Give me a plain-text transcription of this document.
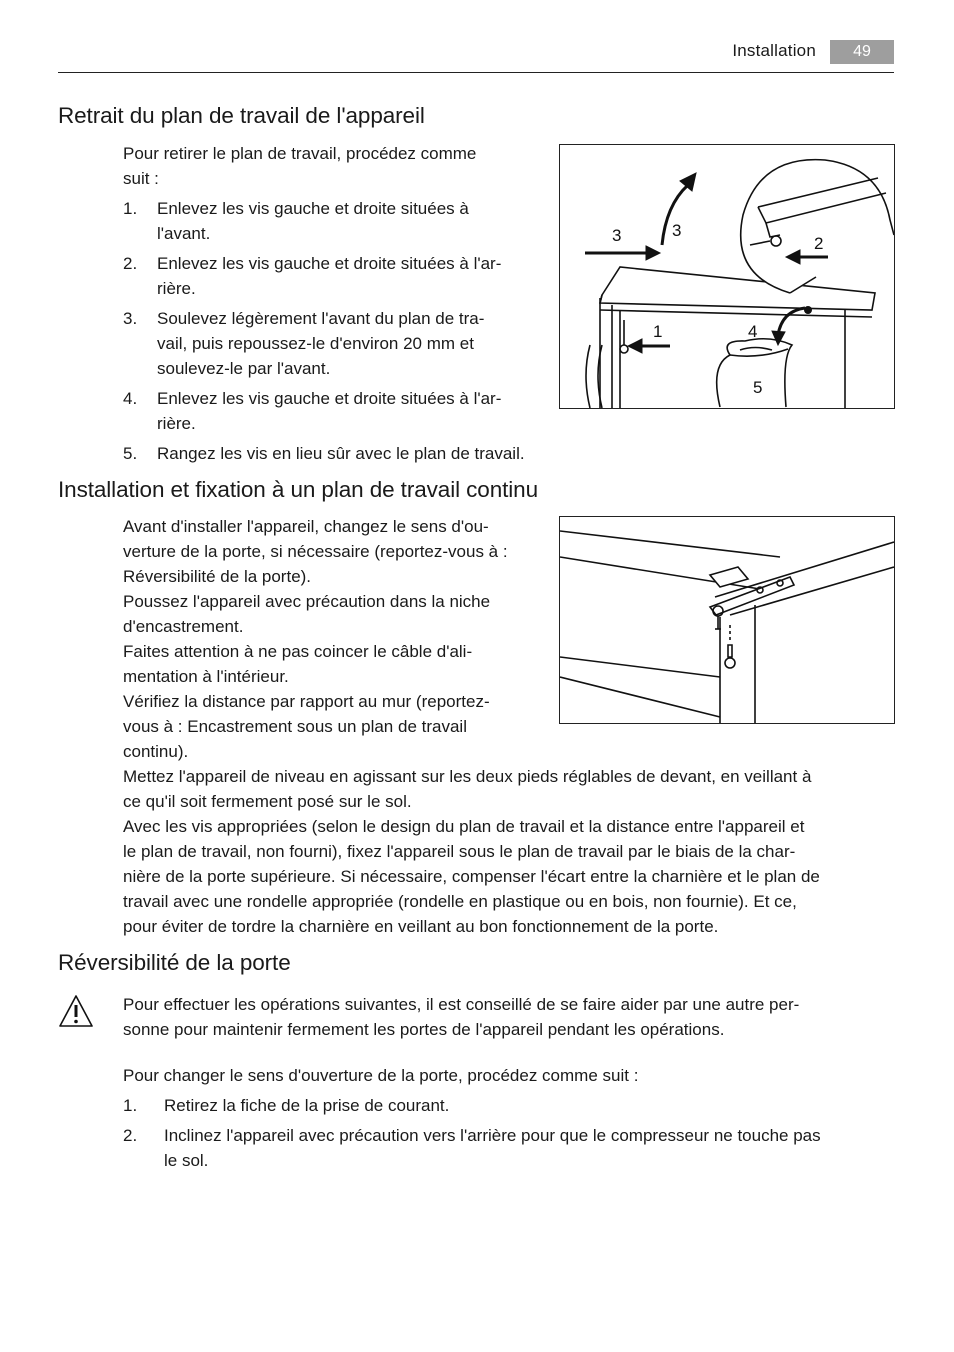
Installation	49
Retrait du plan de travail de l'appareil
Pour retirer le plan de travail, procédez comme
suit :
1. Enlevez les vis gauche et droite situées à
l'avant.
2. Enlevez les vis gauche et droite situées à l'ar-
rière.
3. Soulevez légèrement l'avant du plan de tra-
vail, puis repoussez-le d'environ 20 mm et
soulevez-le par l'avant.
4. Enlevez les vis gauche et droite situées à l'ar-
rière.
5. Rangez les vis en lieu sûr avec le plan de travail.
3	3
2
1	4
5
Installation et fixation à un plan de travail continu
Avant d'installer l'appareil, changez le sens d'ou-
verture de la porte, si nécessaire (reportez-vous à :
Réversibilité de la porte).
Poussez l'appareil avec précaution dans la niche
d'encastrement.
Faites attention à ne pas coincer le câble d'ali-
mentation à l'intérieur.
Vérifiez la distance par rapport au mur (reportez-
vous à : Encastrement sous un plan de travail
continu).
Mettez l'appareil de niveau en agissant sur les deux pieds réglables de devant, en veillant à
ce qu'il soit fermement posé sur le sol.
Avec les vis appropriées (selon le design du plan de travail et la distance entre l'appareil et
le plan de travail, non fourni), fixez l'appareil sous le plan de travail par le biais de la char-
nière de la porte supérieure. Si nécessaire, compenser l'écart entre la charnière et le plan de
travail avec une rondelle appropriée (rondelle en plastique ou en bois, non fournie). Et ce,
pour éviter de tordre la charnière en veillant au bon fonctionnement de la porte.
Réversibilité de la porte
Pour effectuer les opérations suivantes, il est conseillé de se faire aider par une autre per-
sonne pour maintenir fermement les portes de l'appareil pendant les opérations.
Pour changer le sens d'ouverture de la porte, procédez comme suit :
1. Retirez la fiche de la prise de courant.
2. Inclinez l'appareil avec précaution vers l'arrière pour que le compresseur ne touche pas
le sol.
